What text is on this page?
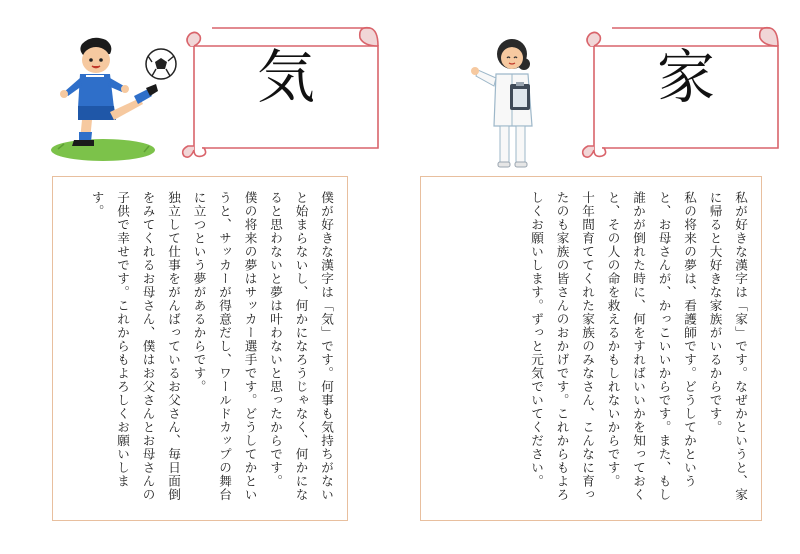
気

僕が好きな漢字は「気」です。何事も気持ちがないと始まらないし、何かになろうじゃなく、何かになると思わないと夢は叶わないと思ったからです。

僕の将来の夢はサッカー選手です。どうしてかというと、サッカーが得意だし、ワールドカップの舞台に立つという夢があるからです。

独立して仕事をがんばっているお父さん、毎日面倒をみてくれるお母さん、僕はお父さんとお母さんの子供で幸せです。これからもよろしくお願いします。

家

私が好きな漢字は「家」です。なぜかというと、家に帰ると大好きな家族がいるからです。

私の将来の夢は、看護師です。どうしてかというと、お母さんが、かっこいいからです。また、もし誰かが倒れた時に、何をすればいいかを知っておくと、その人の命を救えるかもしれないからです。

十年間育ててくれた家族のみなさん、こんなに育ったのも家族の皆さんのおかげです。これからもよろしくお願いします。ずっと元気でいてください。
